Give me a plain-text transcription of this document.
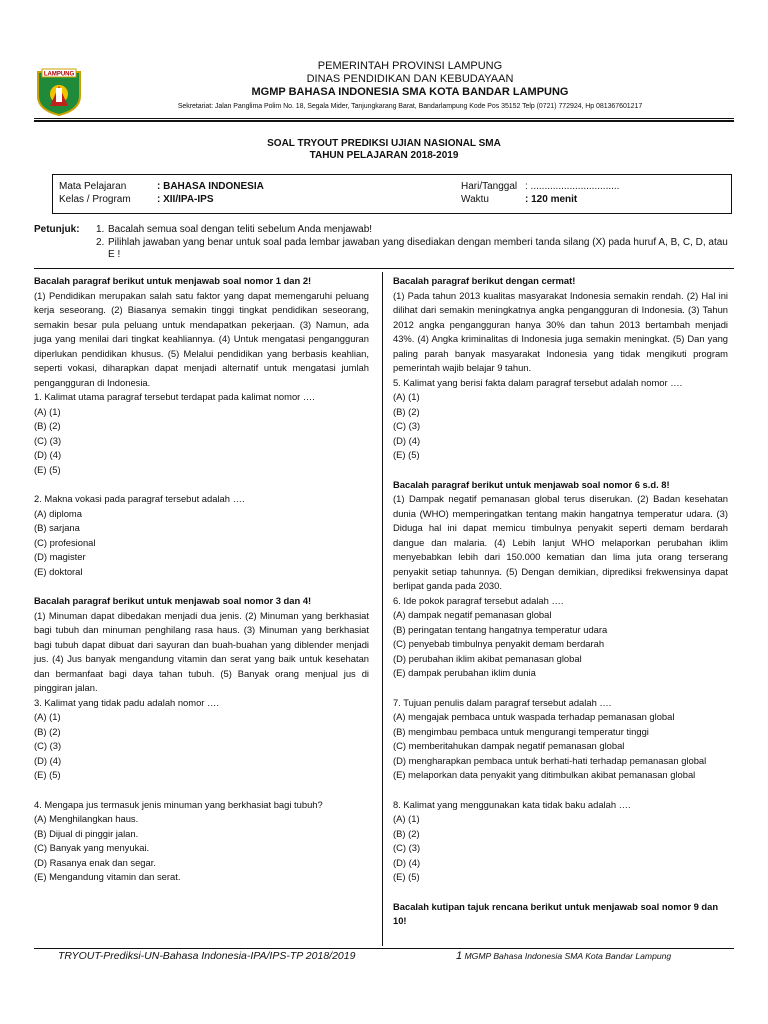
LAMPUNG
PEMERINTAH PROVINSI LAMPUNG
DINAS PENDIDIKAN DAN KEBUDAYAAN
MGMP BAHASA INDONESIA SMA KOTA BANDAR LAMPUNG
Sekretariat: Jalan Panglima Polim No. 18, Segala Mider, Tanjungkarang Barat, Bandarlampung Kode Pos 35152 Telp (0721) 772924, Hp 081367601217
SOAL TRYOUT PREDIKSI UJIAN NASIONAL SMA
TAHUN PELAJARAN 2018-2019
Mata Pelajaran	: BAHASA INDONESIA	Hari/Tanggal : ................................
Kelas / Program	: XII/IPA-IPS	Waktu	: 120 menit
Petunjuk: 1. Bacalah semua soal dengan teliti sebelum Anda menjawab!
2. Pilihlah jawaban yang benar untuk soal pada lembar jawaban yang disediakan dengan memberi tanda silang (X) pada huruf A, B, C, D, atau E !
Bacalah paragraf berikut untuk menjawab soal nomor 1 dan 2!
(1) Pendidikan merupakan salah satu faktor yang dapat memengaruhi peluang kerja seseorang. (2) Biasanya semakin tinggi tingkat pendidikan seseorang, semakin besar pula peluang untuk mendapatkan pekerjaan. (3) Namun, ada juga yang menilai dari tingkat keahliannya. (4) Untuk mengatasi pengangguran diperlukan pendidikan khusus. (5) Melalui pendidikan yang berbasis keahlian, seperti vokasi, diharapkan dapat menjadi alternatif untuk mengatasi jumlah pengangguran di Indonesia.
1. Kalimat utama paragraf tersebut terdapat pada kalimat nomor ….
(A) (1)
(B) (2)
(C) (3)
(D) (4)
(E) (5)
2. Makna vokasi pada paragraf tersebut adalah ….
(A) diploma
(B) sarjana
(C) profesional
(D) magister
(E) doktoral
Bacalah paragraf berikut untuk menjawab soal nomor 3 dan 4!
(1) Minuman dapat dibedakan menjadi dua jenis. (2) Minuman yang berkhasiat bagi tubuh dan minuman penghilang rasa haus. (3) Minuman yang berkhasiat bagi tubuh dapat dibuat dari sayuran dan buah-buahan yang diblender menjadi jus. (4) Jus banyak mengandung vitamin dan serat yang baik untuk kesehatan dan bermanfaat bagi daya tahan tubuh. (5) Banyak orang menjual jus di pinggiran jalan.
3. Kalimat yang tidak padu adalah nomor ….
(A) (1)
(B) (2)
(C) (3)
(D) (4)
(E) (5)
4. Mengapa jus termasuk jenis minuman yang berkhasiat bagi tubuh?
(A) Menghilangkan haus.
(B) Dijual di pinggir jalan.
(C) Banyak yang menyukai.
(D) Rasanya enak dan segar.
(E) Mengandung vitamin dan serat.
Bacalah paragraf berikut dengan cermat!
(1) Pada tahun 2013 kualitas masyarakat Indonesia semakin rendah. (2) Hal ini dilihat dari semakin meningkatnya angka pengangguran di Indonesia. (3) Tahun 2012 angka pengangguran hanya 30% dan tahun 2013 bertambah menjadi 43%. (4) Angka kriminalitas di Indonesia juga semakin meningkat. (5) Dan yang paling parah banyak masyarakat Indonesia yang tidak mengikuti program pemerintah wajib belajar 9 tahun.
5. Kalimat yang berisi fakta dalam paragraf tersebut adalah nomor ….
(A) (1)
(B) (2)
(C) (3)
(D) (4)
(E) (5)
Bacalah paragraf berikut untuk menjawab soal nomor 6 s.d. 8!
(1) Dampak negatif pemanasan global terus diserukan. (2) Badan kesehatan dunia (WHO) memperingatkan tentang makin hangatnya temperatur udara. (3) Diduga hal ini dapat memicu timbulnya penyakit seperti demam berdarah dangue dan malaria. (4) Lebih lanjut WHO melaporkan perubahan iklim menyebabkan lebih dari 150.000 kematian dan lima juta orang terserang penyakit setiap tahunnya. (5) Dengan demikian, diprediksi frekwensinya dapat berlipat ganda pada 2030.
6. Ide pokok paragraf tersebut adalah ….
(A) dampak negatif pemanasan global
(B) peringatan tentang hangatnya temperatur udara
(C) penyebab timbulnya penyakit demam berdarah
(D) perubahan iklim akibat pemanasan global
(E) dampak perubahan iklim dunia
7. Tujuan penulis dalam paragraf tersebut adalah ….
(A) mengajak pembaca untuk waspada terhadap pemanasan global
(B) mengimbau pembaca untuk mengurangi temperatur tinggi
(C) memberitahukan dampak negatif pemanasan global
(D) mengharapkan pembaca untuk berhati-hati terhadap pemanasan global
(E) melaporkan data penyakit yang ditimbulkan akibat pemanasan global
8. Kalimat yang menggunakan kata tidak baku adalah ….
(A) (1)
(B) (2)
(C) (3)
(D) (4)
(E) (5)
Bacalah kutipan tajuk rencana berikut untuk menjawab soal nomor 9 dan 10!
TRYOUT-Prediksi-UN-Bahasa Indonesia-IPA/IPS-TP 2018/2019	1 MGMP Bahasa Indonesia SMA Kota Bandar Lampung
